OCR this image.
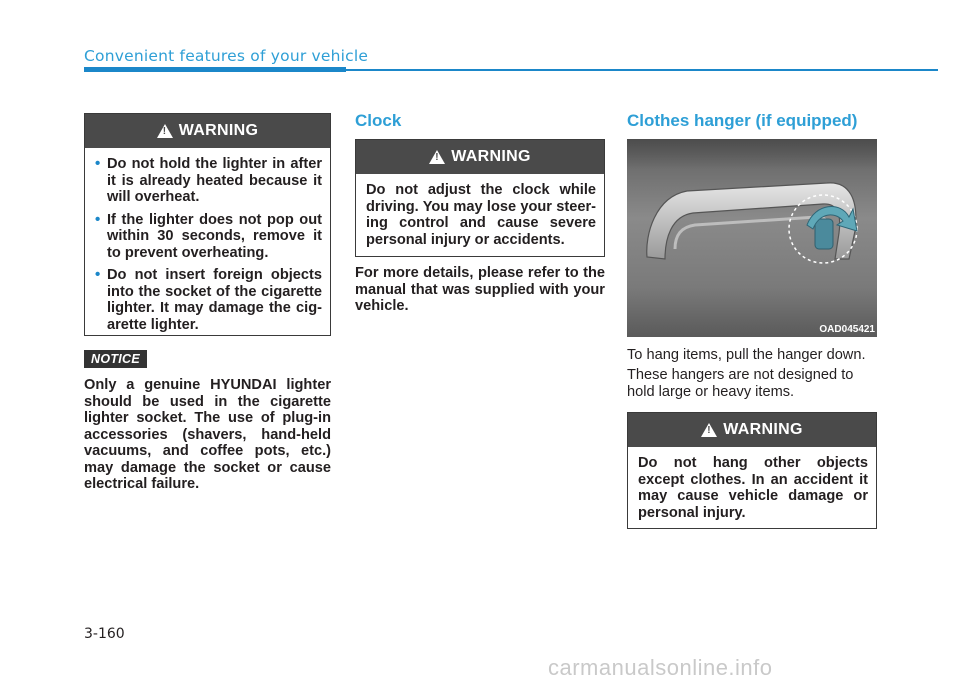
Convenient features of your vehicle
!
WARNING
• Do not hold the lighter in after it is already heated because it will overheat.
• If the lighter does not pop out within 30 seconds, remove it to prevent overheating.
• Do not insert foreign objects into the socket of the cigarette lighter. It may damage the cig-arette lighter.
NOTICE

Only a genuine HYUNDAI lighter should be used in the cigarette lighter socket. The use of plug-in accessories (shavers, hand-held vacuums, and coffee pots, etc.) may damage the socket or cause electrical failure.

Clock
!
WARNING

Do not adjust the clock while driving. You may lose your steer-ing control and cause severe personal injury or accidents.

For more details, please refer to the manual that was supplied with your vehicle.

Clothes hanger (if equipped)
OAD045421

To hang items, pull the hanger down.

These hangers are not designed to hold large or heavy items.

!
WARNING

Do not hang other objects except clothes. In an accident it may cause vehicle damage or personal injury.

3-160
carmanualsonline.info
